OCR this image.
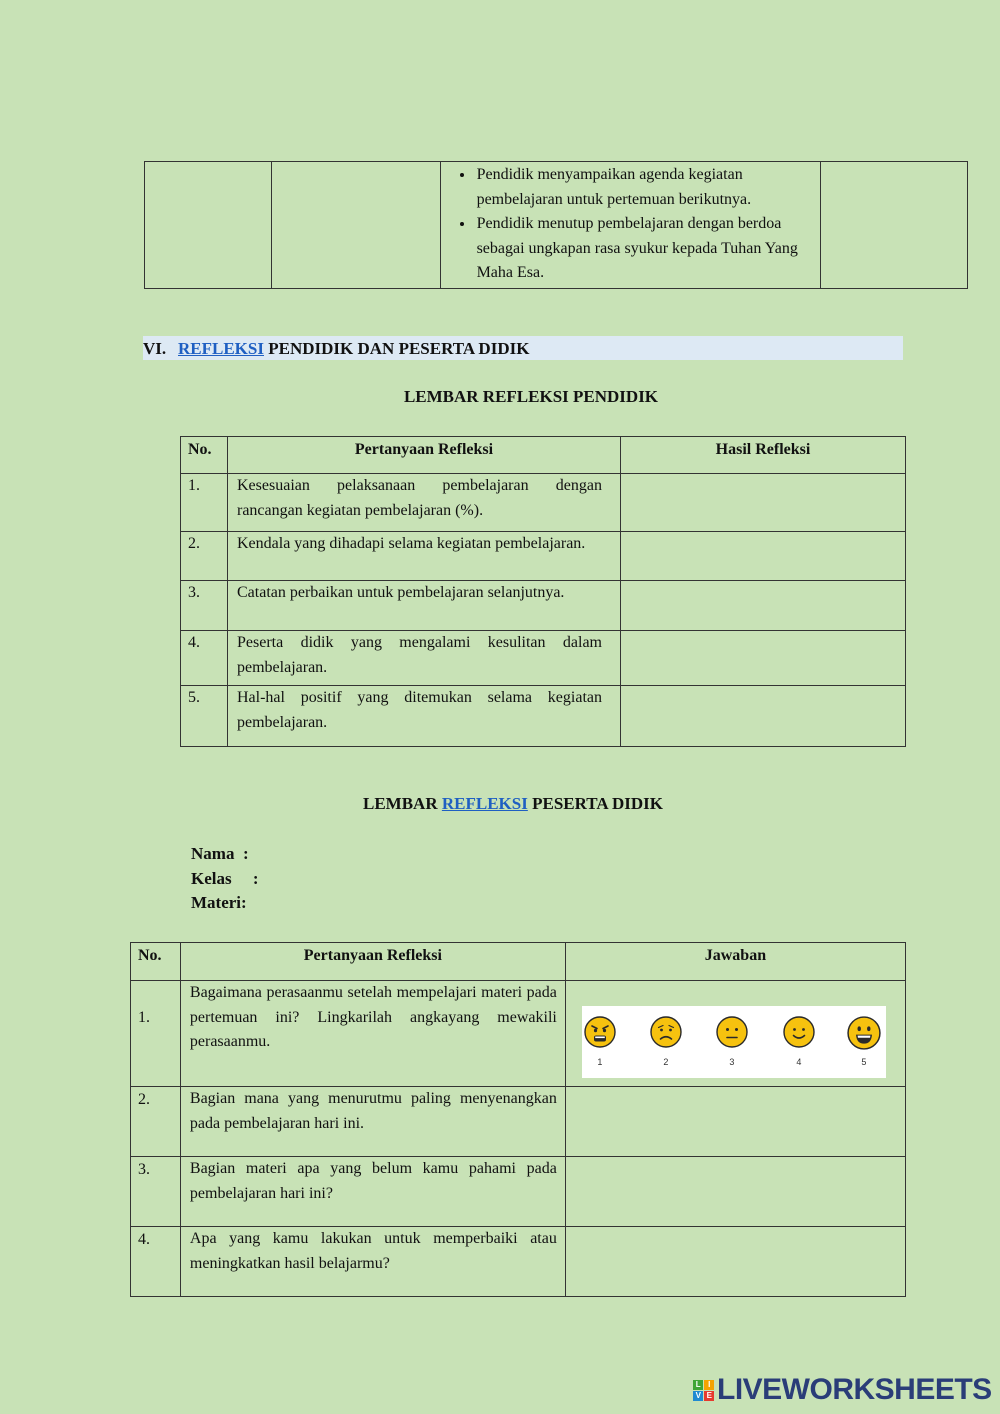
• Pendidik menyampaikan agenda kegiatan pembelajaran untuk pertemuan berikutnya.
• Pendidik menutup pembelajaran dengan berdoa sebagai ungkapan rasa syukur kepada Tuhan Yang Maha Esa.

VI. REFLEKSI PENDIDIK DAN PESERTA DIDIK
LEMBAR REFLEKSI PENDIDIK
No.	Pertanyaan Refleksi	Hasil Refleksi
1.	Kesesuaian pelaksanaan pembelajaran dengan rancangan kegiatan pembelajaran (%).	
2.	Kendala yang dihadapi selama kegiatan pembelajaran.	
3.	Catatan perbaikan untuk pembelajaran selanjutnya.	
4.	Peserta didik yang mengalami kesulitan dalam pembelajaran.	
5.	Hal-hal positif yang ditemukan selama kegiatan pembelajaran.	
LEMBAR REFLEKSI PESERTA DIDIK
Nama  :
Kelas     :
Materi:
No.	Pertanyaan Refleksi	Jawaban
1.	Bagaimana perasaanmu setelah mempelajari materi pada pertemuan ini? Lingkarilah angkayang mewakili perasaanmu.	1 2 3 4 5

2.	Bagian mana yang menurutmu paling menyenangkan pada pembelajaran hari ini.	
3.	Bagian materi apa yang belum kamu pahami pada pembelajaran hari ini?	
4.	Apa yang kamu lakukan untuk memperbaiki atau meningkatkan hasil belajarmu?	
L I
V E LIVEWORKSHEETS
